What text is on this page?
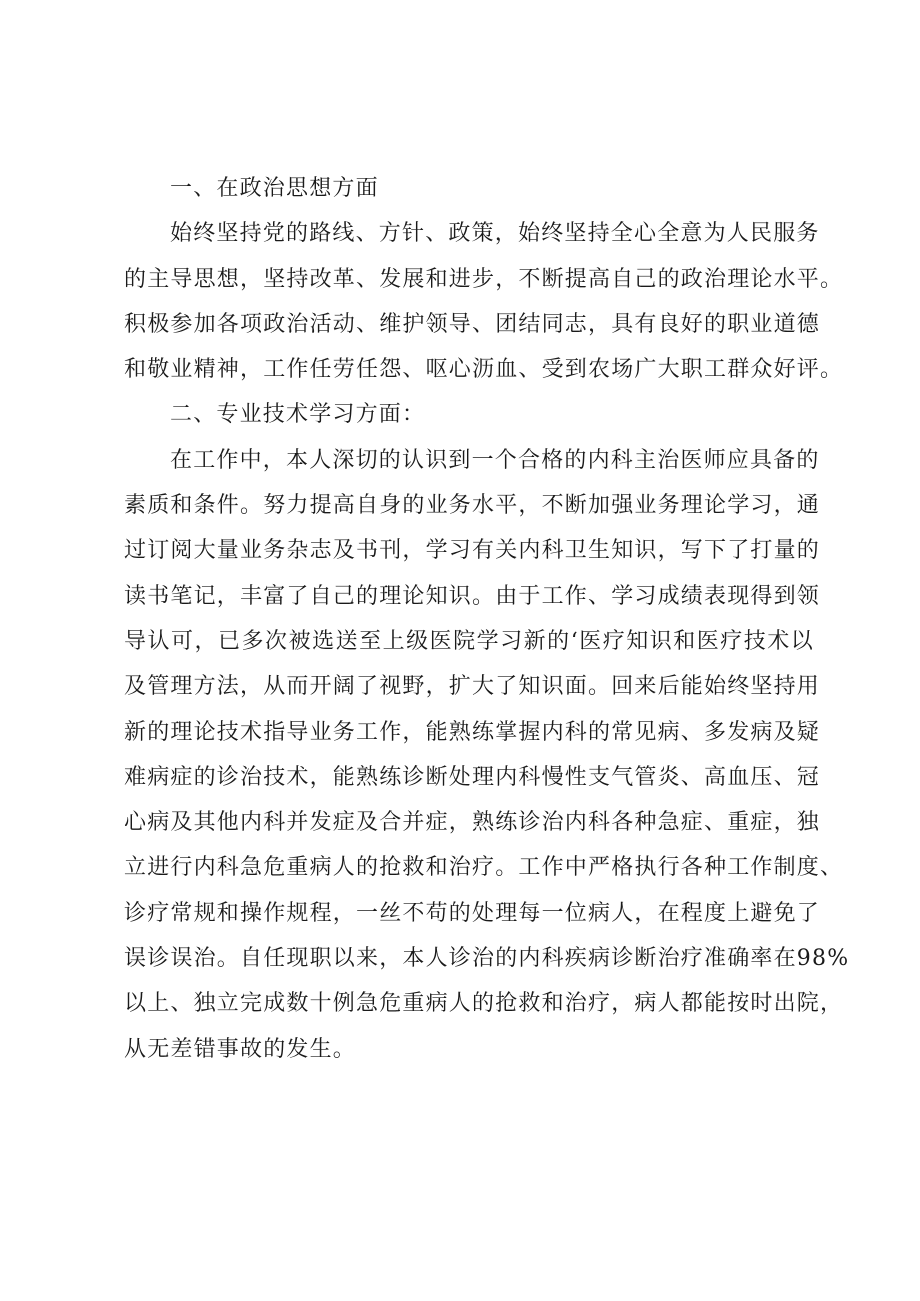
一、在政治思想方面
始终坚持党的路线、方针、政策，始终坚持全心全意为人民服务
的主导思想，坚持改革、发展和进步，不断提高自己的政治理论水平。
积极参加各项政治活动、维护领导、团结同志，具有良好的职业道德
和敬业精神，工作任劳任怨、呕心沥血、受到农场广大职工群众好评。
二、专业技术学习方面：
在工作中，本人深切的认识到一个合格的内科主治医师应具备的
素质和条件。努力提高自身的业务水平，不断加强业务理论学习，通
过订阅大量业务杂志及书刊，学习有关内科卫生知识，写下了打量的
读书笔记，丰富了自己的理论知识。由于工作、学习成绩表现得到领
导认可，已多次被选送至上级医院学习新的‘医疗知识和医疗技术以
及管理方法，从而开阔了视野，扩大了知识面。回来后能始终坚持用
新的理论技术指导业务工作，能熟练掌握内科的常见病、多发病及疑
难病症的诊治技术，能熟练诊断处理内科慢性支气管炎、高血压、冠
心病及其他内科并发症及合并症，熟练诊治内科各种急症、重症，独
立进行内科急危重病人的抢救和治疗。工作中严格执行各种工作制度、
诊疗常规和操作规程，一丝不苟的处理每一位病人，在程度上避免了
误诊误治。自任现职以来，本人诊治的内科疾病诊断治疗准确率在98%
以上、独立完成数十例急危重病人的抢救和治疗，病人都能按时出院，
从无差错事故的发生。
